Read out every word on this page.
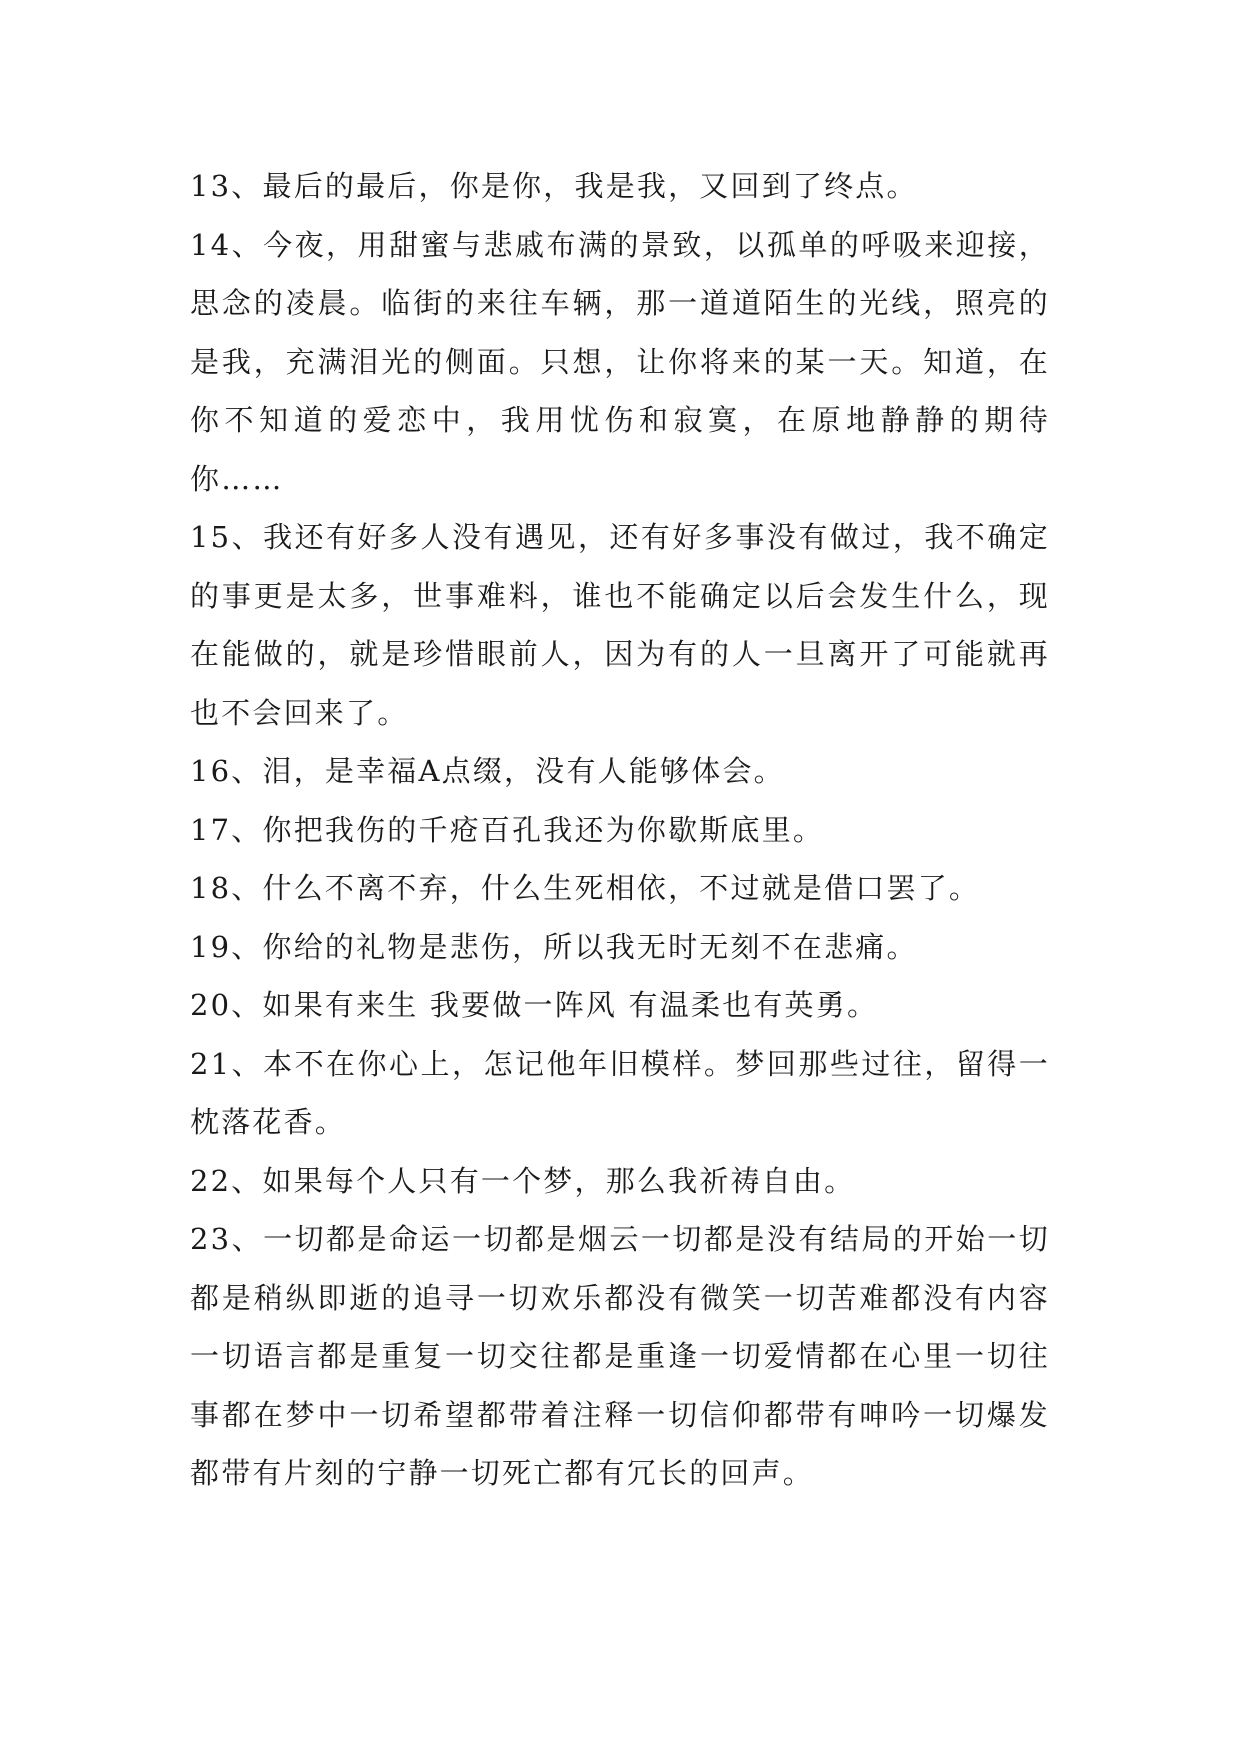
13、最后的最后，你是你，我是我，又回到了终点。

14、今夜，用甜蜜与悲戚布满的景致，以孤单的呼吸来迎接，思念的凌晨。临街的来往车辆，那一道道陌生的光线，照亮的是我，充满泪光的侧面。只想，让你将来的某一天。知道，在你不知道的爱恋中，我用忧伤和寂寞，在原地静静的期待你……

15、我还有好多人没有遇见，还有好多事没有做过，我不确定的事更是太多，世事难料，谁也不能确定以后会发生什么，现在能做的，就是珍惜眼前人，因为有的人一旦离开了可能就再也不会回来了。

16、泪，是幸福A点缀，没有人能够体会。

17、你把我伤的千疮百孔我还为你歇斯底里。

18、什么不离不弃，什么生死相依，不过就是借口罢了。

19、你给的礼物是悲伤，所以我无时无刻不在悲痛。

20、如果有来生 我要做一阵风 有温柔也有英勇。

21、本不在你心上，怎记他年旧模样。梦回那些过往，留得一枕落花香。

22、如果每个人只有一个梦，那么我祈祷自由。

23、一切都是命运一切都是烟云一切都是没有结局的开始一切都是稍纵即逝的追寻一切欢乐都没有微笑一切苦难都没有内容一切语言都是重复一切交往都是重逢一切爱情都在心里一切往事都在梦中一切希望都带着注释一切信仰都带有呻吟一切爆发都带有片刻的宁静一切死亡都有冗长的回声。
